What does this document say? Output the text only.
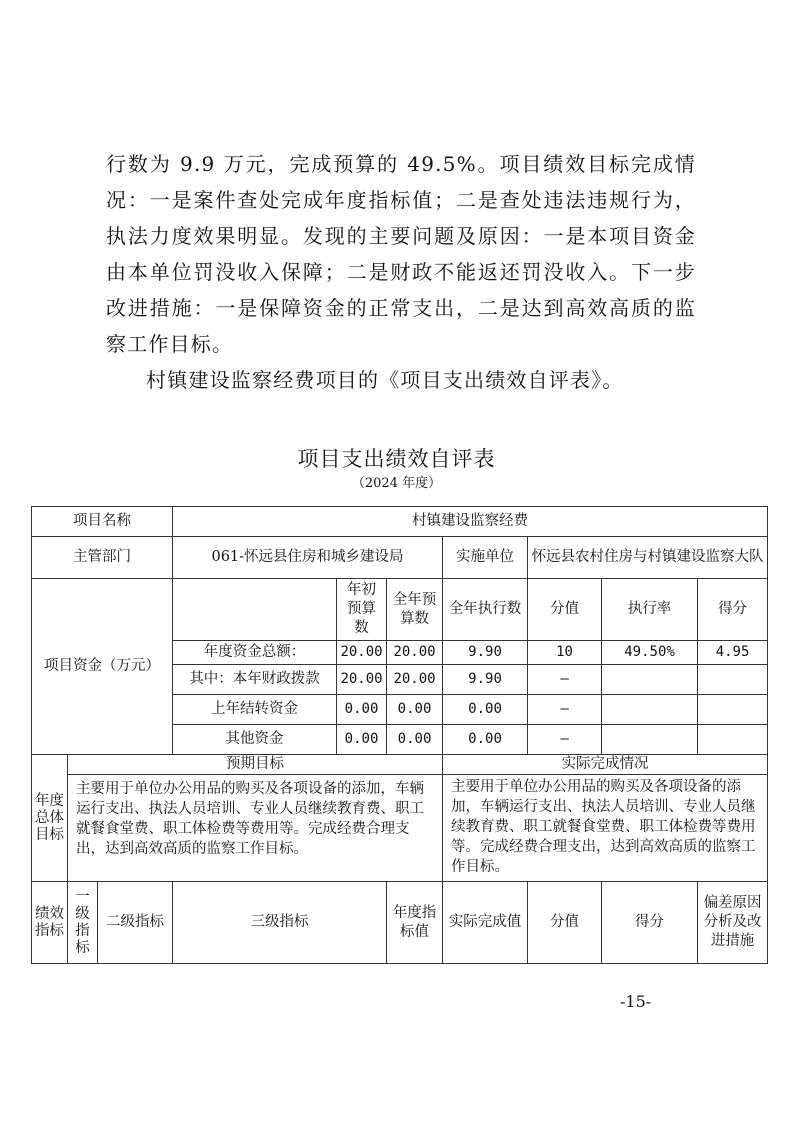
行数为 9.9 万元，完成预算的 49.5%。项目绩效目标完成情况：一是案件查处完成年度指标值；二是查处违法违规行为，执法力度效果明显。发现的主要问题及原因：一是本项目资金由本单位罚没收入保障；二是财政不能返还罚没收入。下一步改进措施：一是保障资金的正常支出，二是达到高效高质的监察工作目标。

村镇建设监察经费项目的《项目支出绩效自评表》。

项目支出绩效自评表
（2024 年度）
项目名称			村镇建设监察经费						
主管部门			061-怀远县住房和城乡建设局			实施单位	怀远县农村住房与村镇建设监察大队		
项目资金（万元）				年初预算数	全年预算数	全年执行数	分值	执行率	得分
			年度资金总额：	20.00	20.00	9.90	10	49.50%	4.95
			其中：本年财政拨款	20.00	20.00	9.90	—		
			上年结转资金	0.00	0.00	0.00	—		
			其他资金	0.00	0.00	0.00	—		
年度总体目标	预期目标					实际完成情况			
	主要用于单位办公用品的购买及各项设备的添加，车辆运行支出、执法人员培训、专业人员继续教育费、职工就餐食堂费、职工体检费等费用等。完成经费合理支出，达到高效高质的监察工作目标。					主要用于单位办公用品的购买及各项设备的添加，车辆运行支出、执法人员培训、专业人员继续教育费、职工就餐食堂费、职工体检费等费用等。完成经费合理支出，达到高效高质的监察工作目标。			
绩效指标	一级指标	二级指标	三级指标		年度指标值	实际完成值	分值	得分	偏差原因分析及改进措施
-15-
